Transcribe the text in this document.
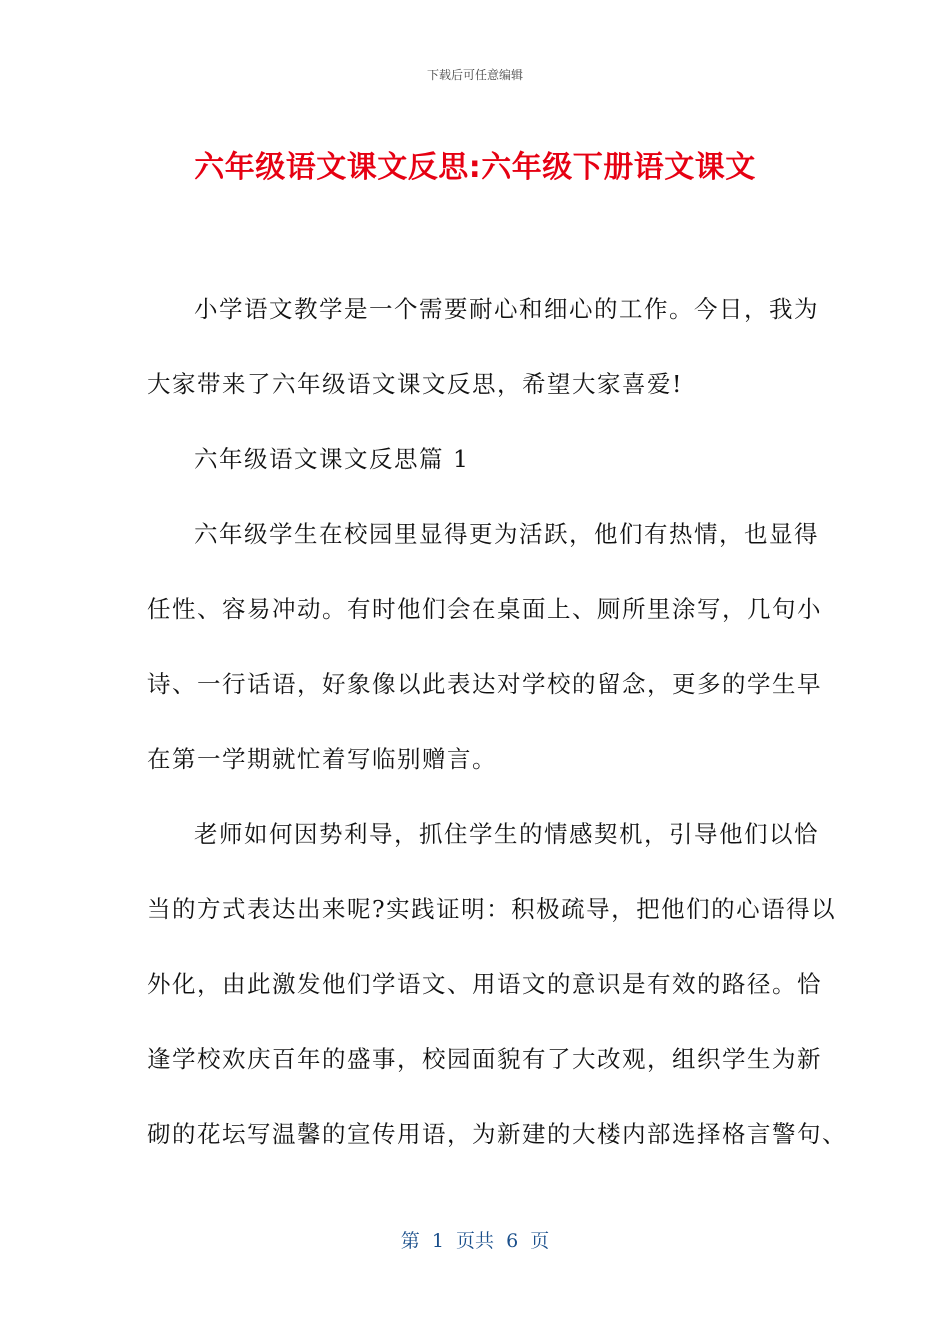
下载后可任意编辑
六年级语文课文反思:六年级下册语文课文
小学语文教学是一个需要耐心和细心的工作。今日，我为
大家带来了六年级语文课文反思，希望大家喜爱!
六年级语文课文反思篇 1
六年级学生在校园里显得更为活跃，他们有热情，也显得
任性、容易冲动。有时他们会在桌面上、厕所里涂写，几句小
诗、一行话语，好象像以此表达对学校的留念，更多的学生早
在第一学期就忙着写临别赠言。
老师如何因势利导，抓住学生的情感契机，引导他们以恰
当的方式表达出来呢?实践证明：积极疏导，把他们的心语得以
外化，由此激发他们学语文、用语文的意识是有效的路径。恰
逢学校欢庆百年的盛事，校园面貌有了大改观，组织学生为新
砌的花坛写温馨的宣传用语，为新建的大楼内部选择格言警句、
第  1  页共  6  页
